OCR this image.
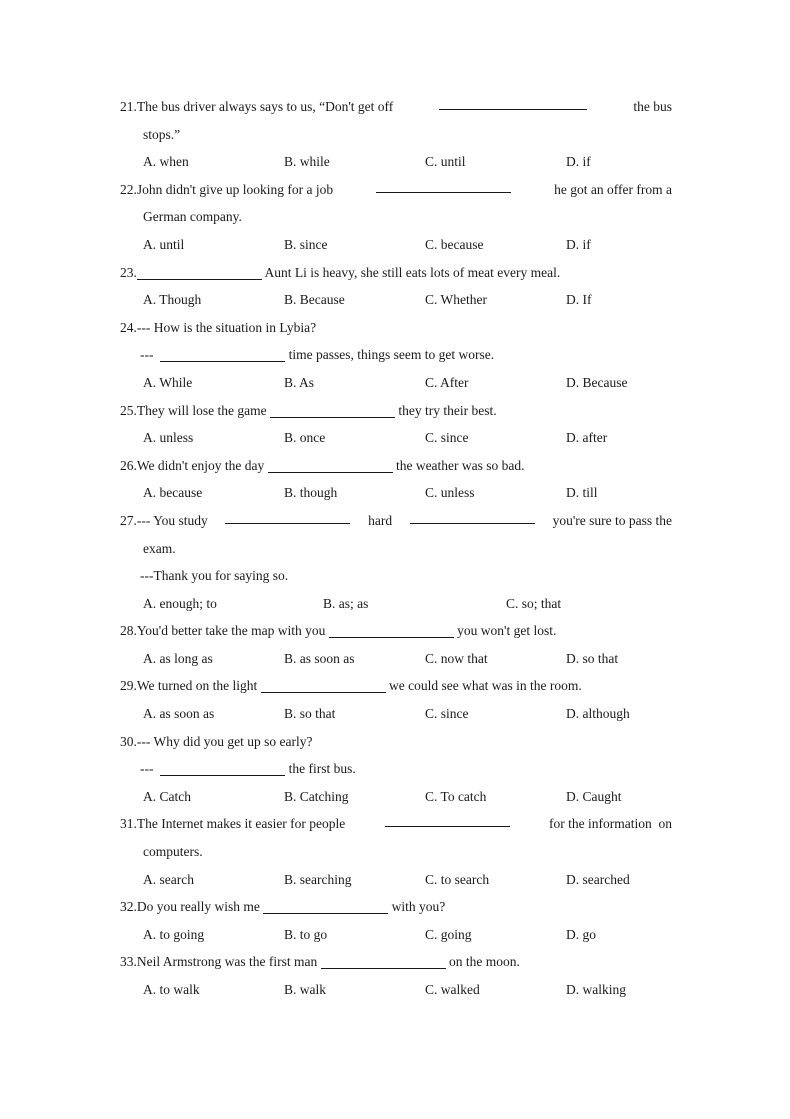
21.The bus driver always says to us, “Don't get off	the bus
stops.”
A. when	B. while	C. until	D. if
22.John didn't give up looking for a job	he got an offer from a
German company.
A. until	B. since	C. because	D. if
23.	Aunt Li is heavy, she still eats lots of meat every meal.
A. Though	B. Because	C. Whether	D. If
24.--- How is the situation in Lybia?
---	time passes, things seem to get worse.
A. While	B. As	C. After	D. Because
25.They will lose the game	they try their best.
A. unless	B. once	C. since	D. after
26.We didn't enjoy the day	the weather was so bad.
A. because	B. though	C. unless	D. till
27.--- You study	hard	you're sure to pass the
exam.
---Thank you for saying so.
A. enough; to	B. as; as	C. so; that
28.You'd better take the map with you	you won't get lost.
A. as long as	B. as soon as	C. now that	D. so that
29.We turned on the light	we could see what was in the room.
A. as soon as	B. so that	C. since	D. although
30.--- Why did you get up so early?
---	the first bus.
A. Catch	B. Catching	C. To catch	D. Caught
31.The Internet makes it easier for people	for the information  on
computers.
A. search	B. searching	C. to search	D. searched
32.Do you really wish me	with you?
A. to going	B. to go	C. going	D. go
33.Neil Armstrong was the first man	on the moon.
A. to walk	B. walk	C. walked	D. walking
